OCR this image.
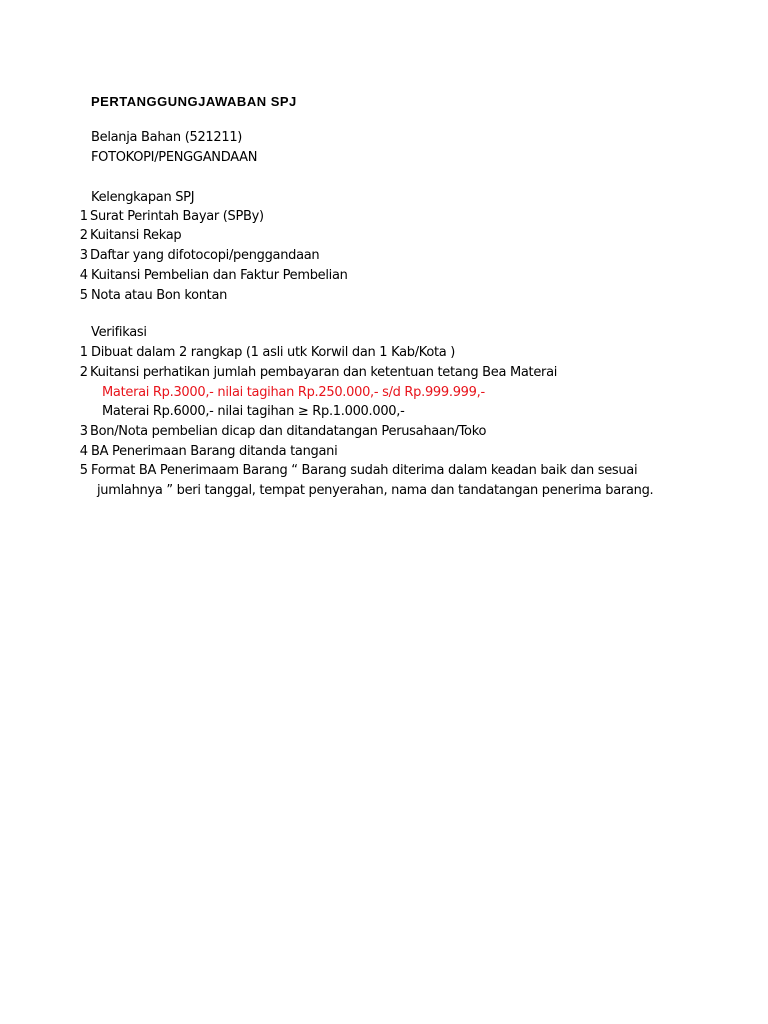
PERTANGGUNGJAWABAN SPJ
Belanja Bahan (521211)
FOTOKOPI/PENGGANDAAN
Kelengkapan SPJ
1 Surat Perintah Bayar (SPBy)
2 Kuitansi Rekap
3 Daftar yang difotocopi/penggandaan
4 Kuitansi Pembelian dan Faktur Pembelian
5 Nota atau Bon kontan
Verifikasi
1 Dibuat dalam 2 rangkap (1 asli utk Korwil dan 1 Kab/Kota )
2 Kuitansi perhatikan jumlah pembayaran dan ketentuan tetang Bea Materai
Materai Rp.3000,- nilai tagihan Rp.250.000,- s/d Rp.999.999,-
Materai Rp.6000,- nilai tagihan ≥ Rp.1.000.000,-
3 Bon/Nota pembelian dicap dan ditandatangan Perusahaan/Toko
4 BA Penerimaan Barang ditanda tangani
5 Format BA Penerimaam Barang “ Barang sudah diterima dalam keadan baik dan sesuai
jumlahnya ” beri tanggal, tempat penyerahan, nama dan tandatangan penerima barang.
